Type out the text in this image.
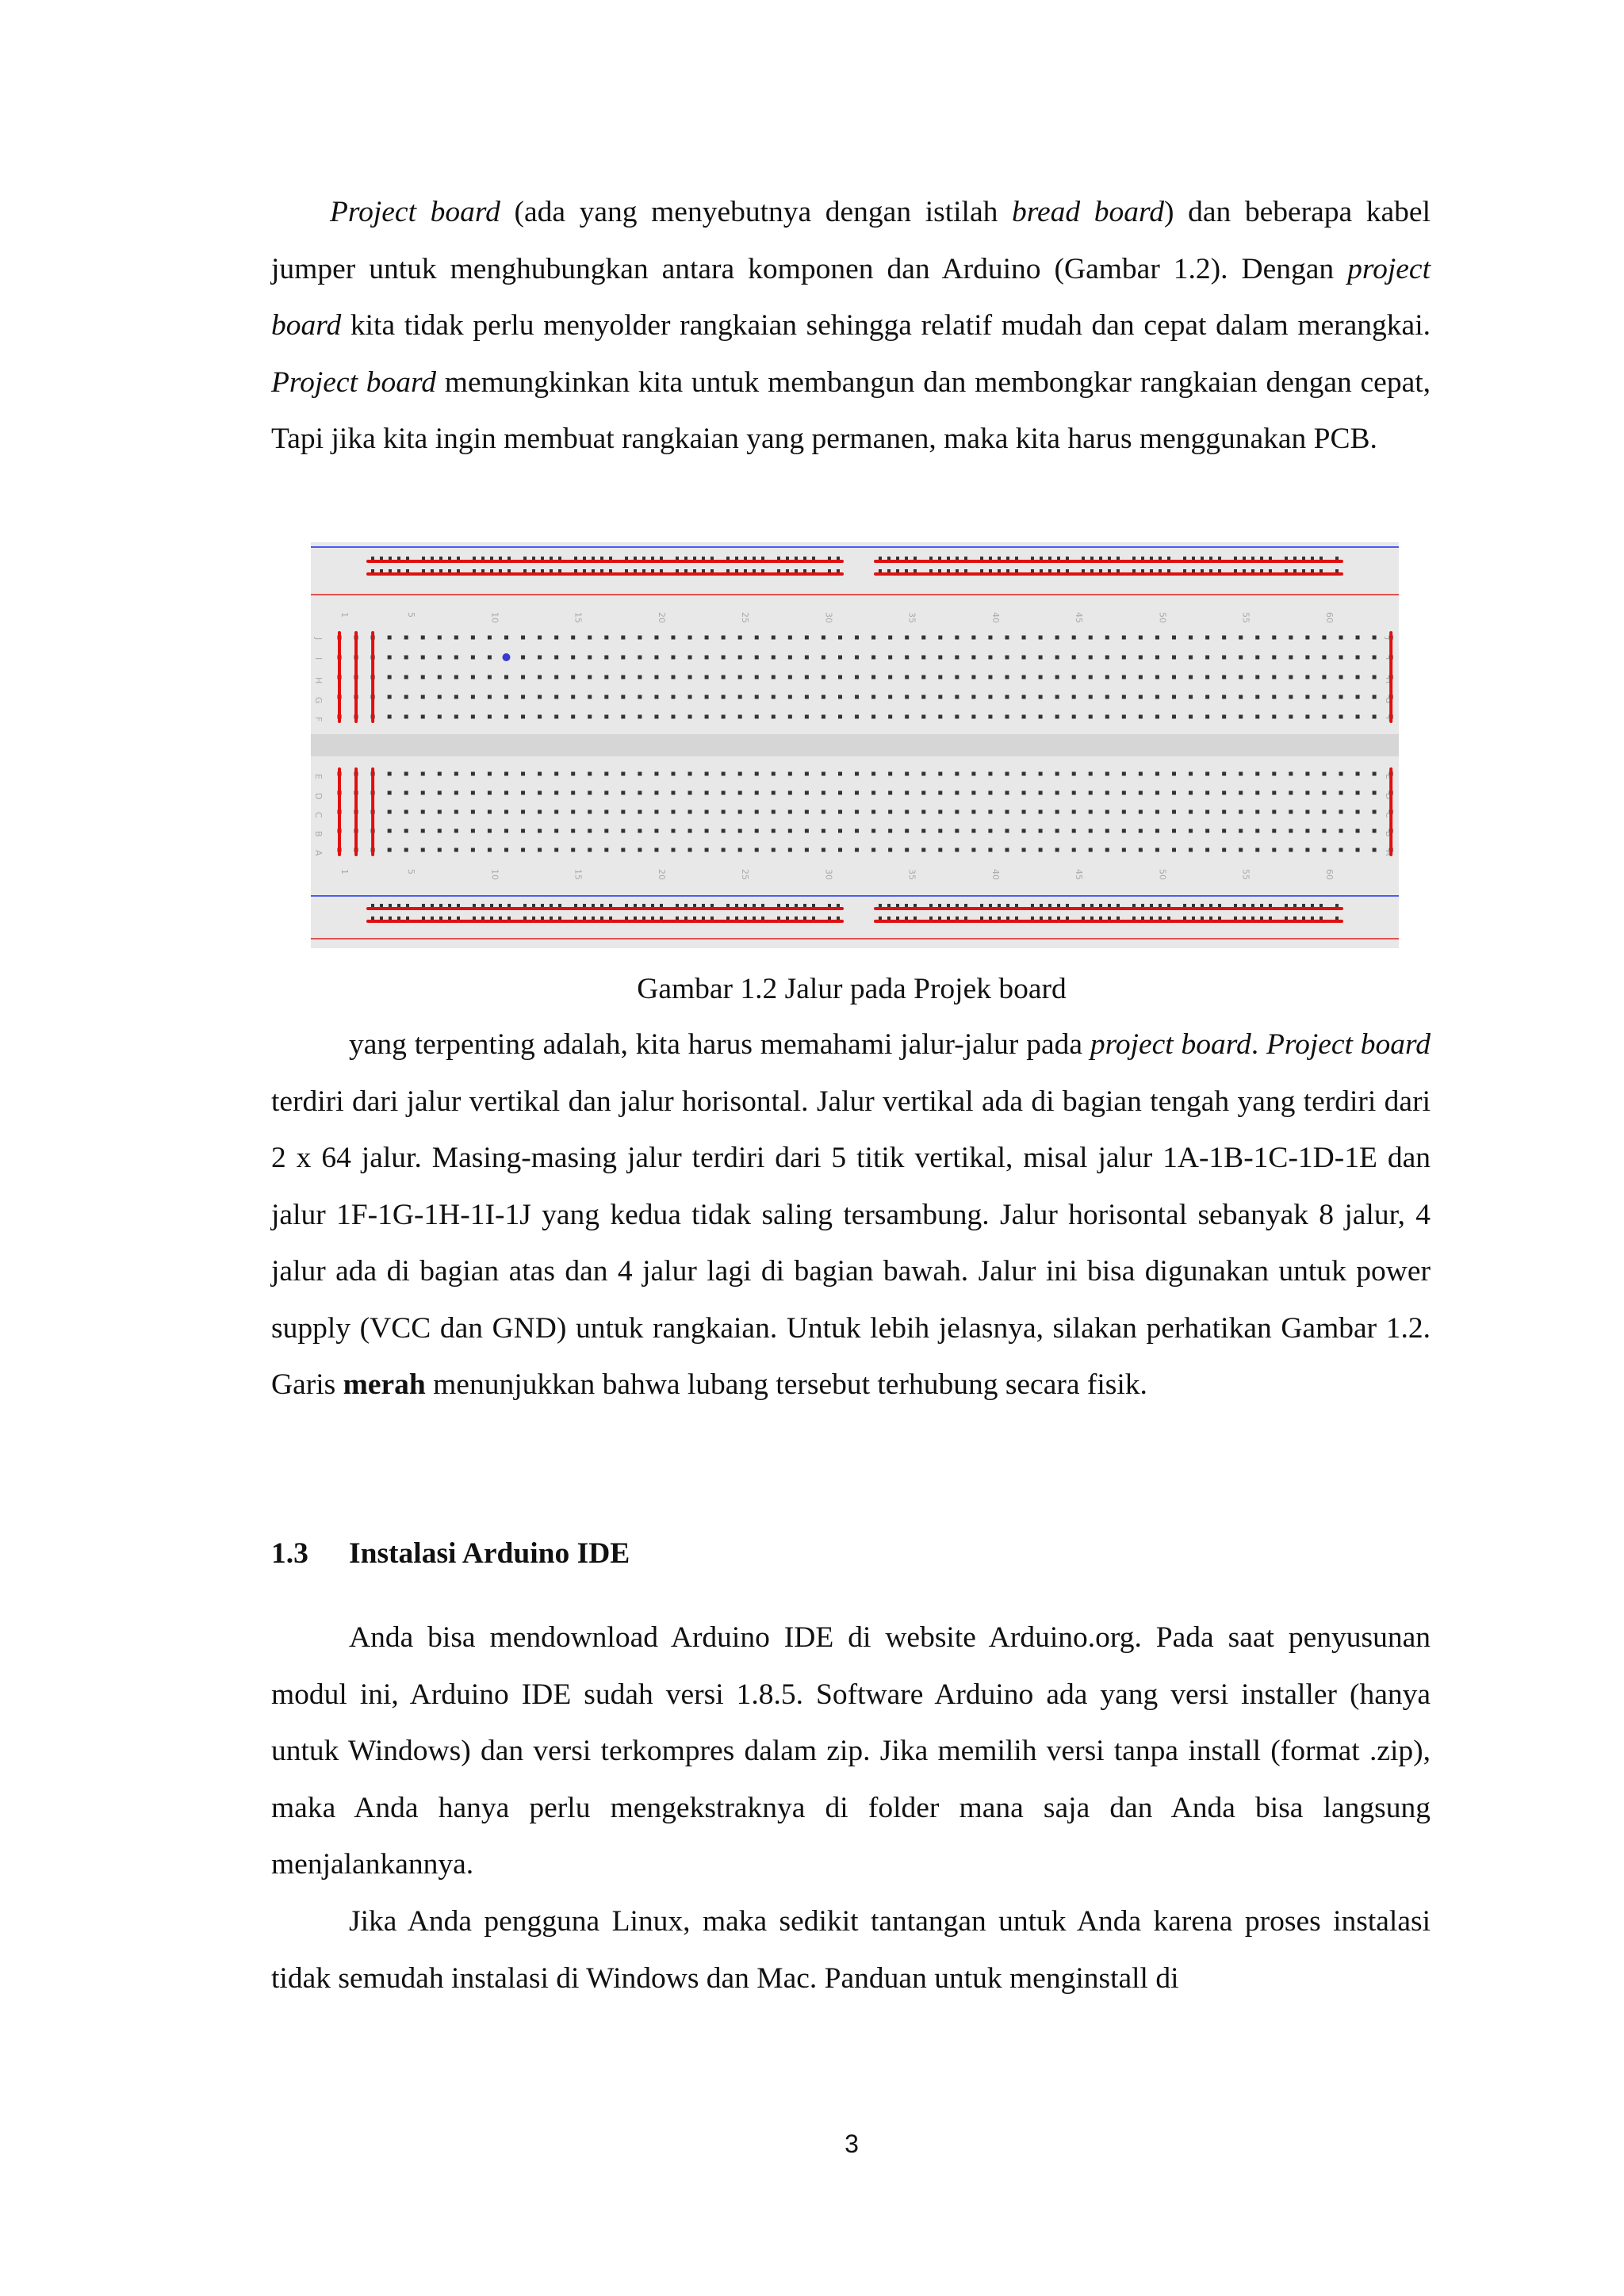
Project board (ada yang menyebutnya dengan istilah bread board) dan beberapa kabel jumper untuk menghubungkan antara komponen dan Arduino (Gambar 1.2). Dengan project board kita tidak perlu menyolder rangkaian sehingga relatif mudah dan cepat dalam merangkai. Project board memungkinkan kita untuk membangun dan membongkar rangkaian dengan cepat, Tapi jika kita ingin membuat rangkaian yang permanen, maka kita harus menggunakan PCB.

J	J
I	I
H	H
G	G
F	F
E	E
D	D
C	C
B	B
A	A
1	5	10	15	20	25	30	35	40	45	50	55	60
1	5	10	15	20	25	30	35	40	45	50	55	60
Gambar 1.2 Jalur pada Projek board

yang terpenting adalah, kita harus memahami jalur-jalur pada project board. Project board terdiri dari jalur vertikal dan jalur horisontal. Jalur vertikal ada di bagian tengah yang terdiri dari 2 x 64 jalur. Masing-masing jalur terdiri dari 5 titik vertikal, misal jalur 1A-1B-1C-1D-1E dan jalur 1F-1G-1H-1I-1J yang kedua tidak saling tersambung. Jalur horisontal sebanyak 8 jalur, 4 jalur ada di bagian atas dan 4 jalur lagi di bagian bawah. Jalur ini bisa digunakan untuk power supply (VCC dan GND) untuk rangkaian. Untuk lebih jelasnya, silakan perhatikan Gambar 1.2. Garis merah menunjukkan bahwa lubang tersebut terhubung secara fisik.

1.3 Instalasi Arduino IDE

Anda bisa mendownload Arduino IDE di website Arduino.org. Pada saat penyusunan modul ini, Arduino IDE sudah versi 1.8.5. Software Arduino ada yang versi installer (hanya untuk Windows) dan versi terkompres dalam zip. Jika memilih versi tanpa install (format .zip), maka Anda hanya perlu mengekstraknya di folder mana saja dan Anda bisa langsung menjalankannya.

Jika Anda pengguna Linux, maka sedikit tantangan untuk Anda karena proses instalasi tidak semudah instalasi di Windows dan Mac. Panduan untuk menginstall di

3
